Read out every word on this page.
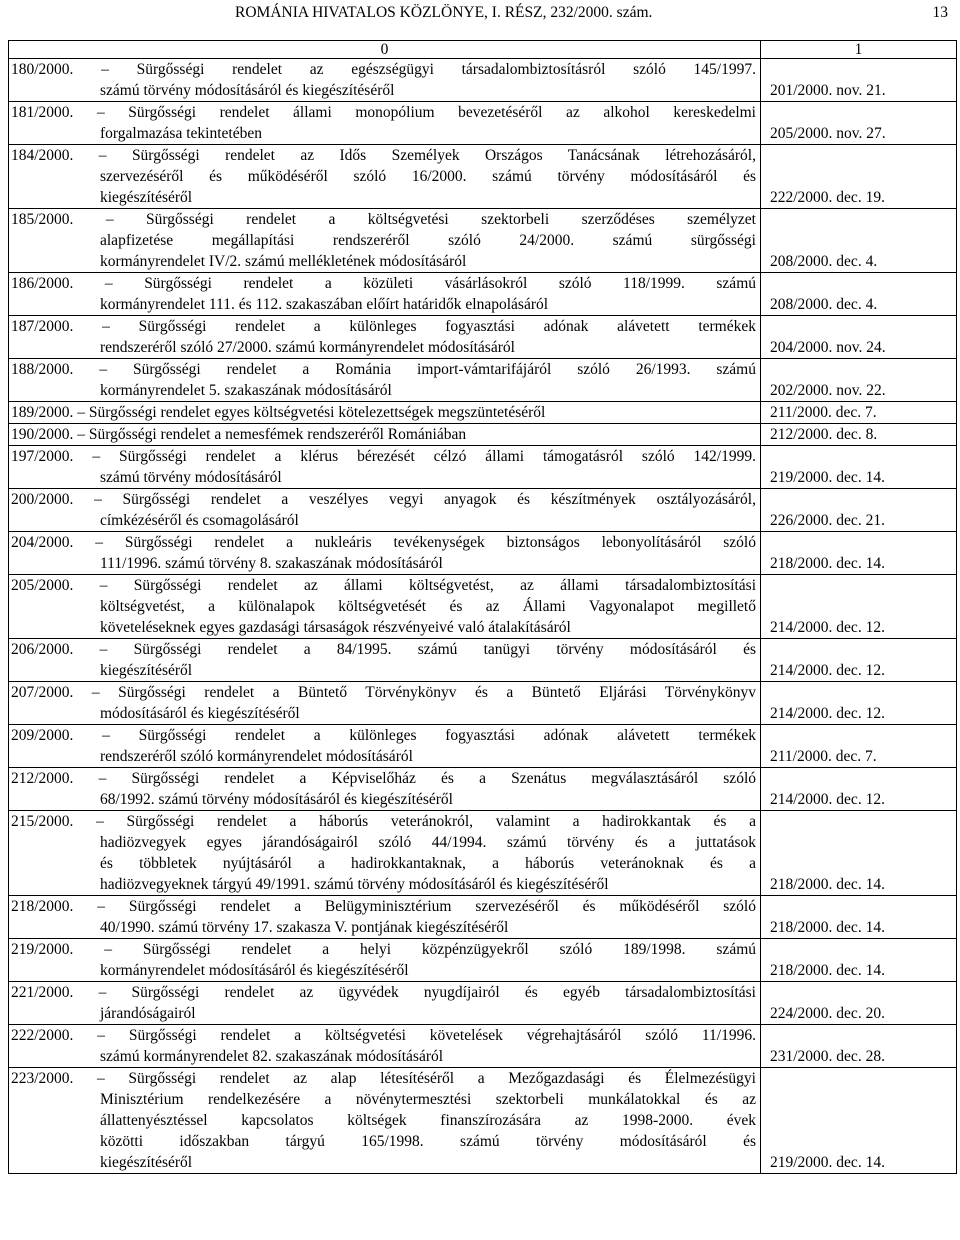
ROMÁNIA HIVATALOS KÖZLÖNYE, I. RÉSZ, 232/2000. szám.	13
0	1

180/2000. – Sürgősségi rendelet az egészségügyi társadalombiztosításról szóló 145/1997.
számú törvény módosításáról és kiegészítéséről	201/2000. nov. 21.

181/2000. – Sürgősségi rendelet állami monopólium bevezetéséről az alkohol kereskedelmi
forgalmazása tekintetében	205/2000. nov. 27.

184/2000. – Sürgősségi rendelet az Idős Személyek Országos Tanácsának létrehozásáról,
szervezéséről és működéséről szóló 16/2000. számú törvény módosításáról és
kiegészítéséről	222/2000. dec. 19.

185/2000. – Sürgősségi rendelet a költségvetési szektorbeli szerződéses személyzet
alapfizetése megállapítási rendszeréről szóló 24/2000. számú sürgősségi
kormányrendelet IV/2. számú mellékletének módosításáról	208/2000. dec. 4.

186/2000. – Sürgősségi rendelet a közületi vásárlásokról szóló 118/1999. számú
kormányrendelet 111. és 112. szakaszában előírt határidők elnapolásáról	208/2000. dec. 4.

187/2000. – Sürgősségi rendelet a különleges fogyasztási adónak alávetett termékek
rendszeréről szóló 27/2000. számú kormányrendelet módosításáról	204/2000. nov. 24.

188/2000. – Sürgősségi rendelet a Románia import-vámtarifájáról szóló 26/1993. számú
kormányrendelet 5. szakaszának módosításáról	202/2000. nov. 22.

189/2000. – Sürgősségi rendelet egyes költségvetési kötelezettségek megszüntetéséről	211/2000. dec. 7.

190/2000. – Sürgősségi rendelet a nemesfémek rendszeréről Romániában	212/2000. dec. 8.

197/2000. – Sürgősségi rendelet a klérus bérezését célzó állami támogatásról szóló 142/1999.
számú törvény módosításáról	219/2000. dec. 14.

200/2000. – Sürgősségi rendelet a veszélyes vegyi anyagok és készítmények osztályozásáról,
címkézéséről és csomagolásáról	226/2000. dec. 21.

204/2000. – Sürgősségi rendelet a nukleáris tevékenységek biztonságos lebonyolításáról szóló
111/1996. számú törvény 8. szakaszának módosításáról	218/2000. dec. 14.

205/2000. – Sürgősségi rendelet az állami költségvetést, az állami társadalombiztosítási
költségvetést, a különalapok költségvetését és az Állami Vagyonalapot megillető
követeléseknek egyes gazdasági társaságok részvényeivé való átalakításáról	214/2000. dec. 12.

206/2000. – Sürgősségi rendelet a 84/1995. számú tanügyi törvény módosításáról és
kiegészítéséről	214/2000. dec. 12.

207/2000. – Sürgősségi rendelet a Büntető Törvénykönyv és a Büntető Eljárási Törvénykönyv
módosításáról és kiegészítéséről	214/2000. dec. 12.

209/2000. – Sürgősségi rendelet a különleges fogyasztási adónak alávetett termékek
rendszeréről szóló kormányrendelet módosításáról	211/2000. dec. 7.

212/2000. – Sürgősségi rendelet a Képviselőház és a Szenátus megválasztásáról szóló
68/1992. számú törvény módosításáról és kiegészítéséről	214/2000. dec. 12.

215/2000. – Sürgősségi rendelet a háborús veteránokról, valamint a hadirokkantak és a
hadiözvegyek egyes járandóságairól szóló 44/1994. számú törvény és a juttatások
és többletek nyújtásáról a hadirokkantaknak, a háborús veteránoknak és a
hadiözvegyeknek tárgyú 49/1991. számú törvény módosításáról és kiegészítéséről	218/2000. dec. 14.

218/2000. – Sürgősségi rendelet a Belügyminisztérium szervezéséről és működéséről szóló
40/1990. számú törvény 17. szakasza V. pontjának kiegészítéséről	218/2000. dec. 14.

219/2000. – Sürgősségi rendelet a helyi közpénzügyekről szóló 189/1998. számú
kormányrendelet módosításáról és kiegészítéséről	218/2000. dec. 14.

221/2000. – Sürgősségi rendelet az ügyvédek nyugdíjairól és egyéb társadalombiztosítási
járandóságairól	224/2000. dec. 20.

222/2000. – Sürgősségi rendelet a költségvetési követelések végrehajtásáról szóló 11/1996.
számú kormányrendelet 82. szakaszának módosításáról	231/2000. dec. 28.

223/2000. – Sürgősségi rendelet az alap létesítéséről a Mezőgazdasági és Élelmezésügyi
Minisztérium rendelkezésére a növénytermesztési szektorbeli munkálatokkal és az
állattenyésztéssel kapcsolatos költségek finanszírozására az 1998-2000. évek
közötti időszakban tárgyú 165/1998. számú törvény módosításáról és
kiegészítéséről	219/2000. dec. 14.
